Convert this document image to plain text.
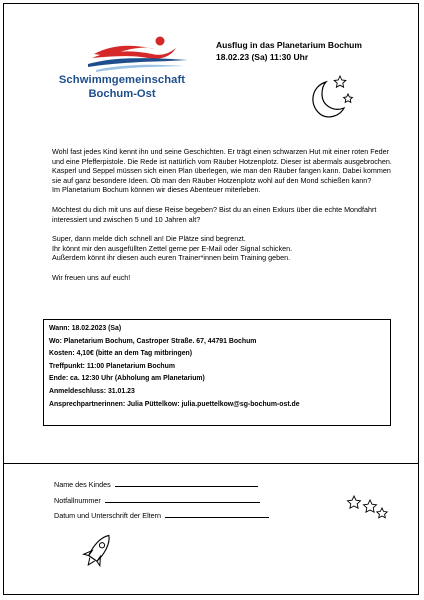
Schwimmgemeinschaft
Bochum-Ost
Ausflug in das Planetarium Bochum
18.02.23 (Sa) 11:30 Uhr

Wohl fast jedes Kind kennt ihn und seine Geschichten. Er trägt einen schwarzen Hut mit einer roten Feder und eine Pfefferpistole. Die Rede ist natürlich vom Räuber Hotzenplotz. Dieser ist abermals ausgebrochen. Kasperl und Seppel müssen sich einen Plan überlegen, wie man den Räuber fangen kann. Dabei kommen sie auf ganz besondere Ideen. Ob man den Räuber Hotzenplotz wohl auf den Mond schießen kann?
Im Planetarium Bochum können wir dieses Abenteuer miterleben.

Möchtest du dich mit uns auf diese Reise begeben? Bist du an einen Exkurs über die echte Mondfahrt interessiert und zwischen 5 und 10 Jahren alt?

Super, dann melde dich schnell an! Die Plätze sind begrenzt.
Ihr könnt mir den ausgefüllten Zettel gerne per E-Mail oder Signal schicken.
Außerdem könnt ihr diesen auch euren Trainer*innen beim Training geben.

Wir freuen uns auf euch!

Wann: 18.02.2023 (Sa)
Wo: Planetarium Bochum, Castroper Straße. 67, 44791 Bochum
Kosten: 4,10€ (bitte an dem Tag mitbringen)
Treffpunkt: 11:00 Planetarium Bochum
Ende: ca. 12:30 Uhr (Abholung am Planetarium)
Anmeldeschluss: 31.01.23
Ansprechpartnerinnen: Julia Püttelkow: julia.puettelkow@sg-bochum-ost.de
Name des Kindes
Notfallnummer
Datum und Unterschrift der Eltern
